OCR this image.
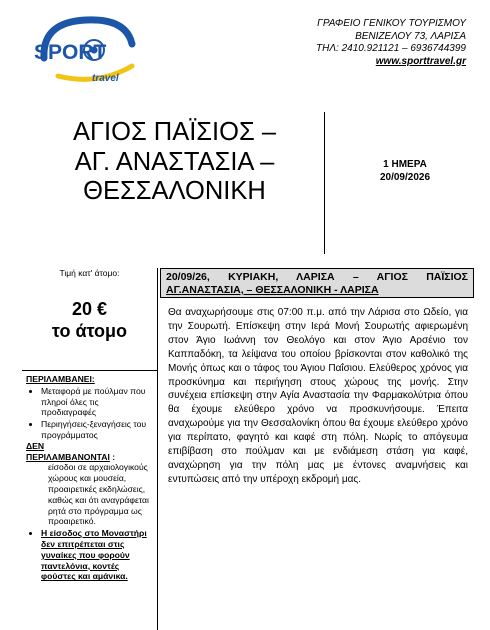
SPORT
travel
ΓΡΑΦΕΙΟ ΓΕΝΙΚΟΥ ΤΟΥΡΙΣΜΟΥ
ΒΕΝΙΖΕΛΟΥ 73, ΛΑΡΙΣΑ
ΤΗΛ: 2410.921121 – 6936744399
www.sporttravel.gr
ΑΓΙΟΣ ΠΑΪΣΙΟΣ –
ΑΓ. ΑΝΑΣΤΑΣΙΑ –
ΘΕΣΣΑΛΟΝΙΚΗ
1 ΗΜΕΡΑ
20/09/2026
Τιμή κατ' άτομο:
20 €
το άτομο
ΠΕΡΙΛΑΜΒΑΝΕΙ:
• Μεταφορά με πούλμαν που πληροί όλες τις προδιαγραφές
• Περιηγήσεις-ξεναγήσεις του προγράμματος
ΔΕΝ
ΠΕΡΙΛΑΜΒΑΝΟΝΤΑΙ :
είσοδοι σε αρχαιολογικούς χώρους και μουσεία, προαιρετικές εκδηλώσεις, καθώς και ότι αναγράφεται ρητά στο πρόγραμμα ως προαιρετικό.
• Η είσοδος στο Μοναστήρι δεν επιτρέπεται στις γυναίκες που φορούν παντελόνια, κοντές φούστες και αμάνικα.
20/09/26, ΚΥΡΙΑΚΗ, ΛΑΡΙΣΑ – ΑΓΙΟΣ ΠΑΪΣΙΟΣ
ΑΓ.ΑΝΑΣΤΑΣΙΑ, – ΘΕΣΣΑΛΟΝΙΚΗ - ΛΑΡΙΣΑ
Θα αναχωρήσουμε στις 07:00 π.μ. από την Λάρισα στο Ωδείο, για την Σουρωτή. Επίσκεψη στην Ιερά Μονή Σουρωτής αφιερωμένη στον Άγιο Ιωάννη τον Θεολόγο και στον Άγιο Αρσένιο τον Καππαδόκη, τα λείψανα του οποίου βρίσκονται στον καθολικό της Μονής όπως και ο τάφος του Άγιου Παΐσιου. Ελεύθερος χρόνος για προσκύνημα και περιήγηση στους χώρους της μονής. Στην συνέχεια επίσκεψη στην Αγία Αναστασία την Φαρμακολύτρια όπου θα έχουμε ελεύθερο χρόνο να προσκυνήσουμε. Έπειτα αναχωρούμε για την Θεσσαλονίκη όπου θα έχουμε ελεύθερο χρόνο για περίπατο, φαγητό και καφέ στη πόλη. Νωρίς το απόγευμα επιβίβαση στο πούλμαν και με ενδιάμεση στάση για καφέ, αναχώρηση για την πόλη μας με έντονες αναμνήσεις και εντυπώσεις από την υπέροχη εκδρομή μας.
